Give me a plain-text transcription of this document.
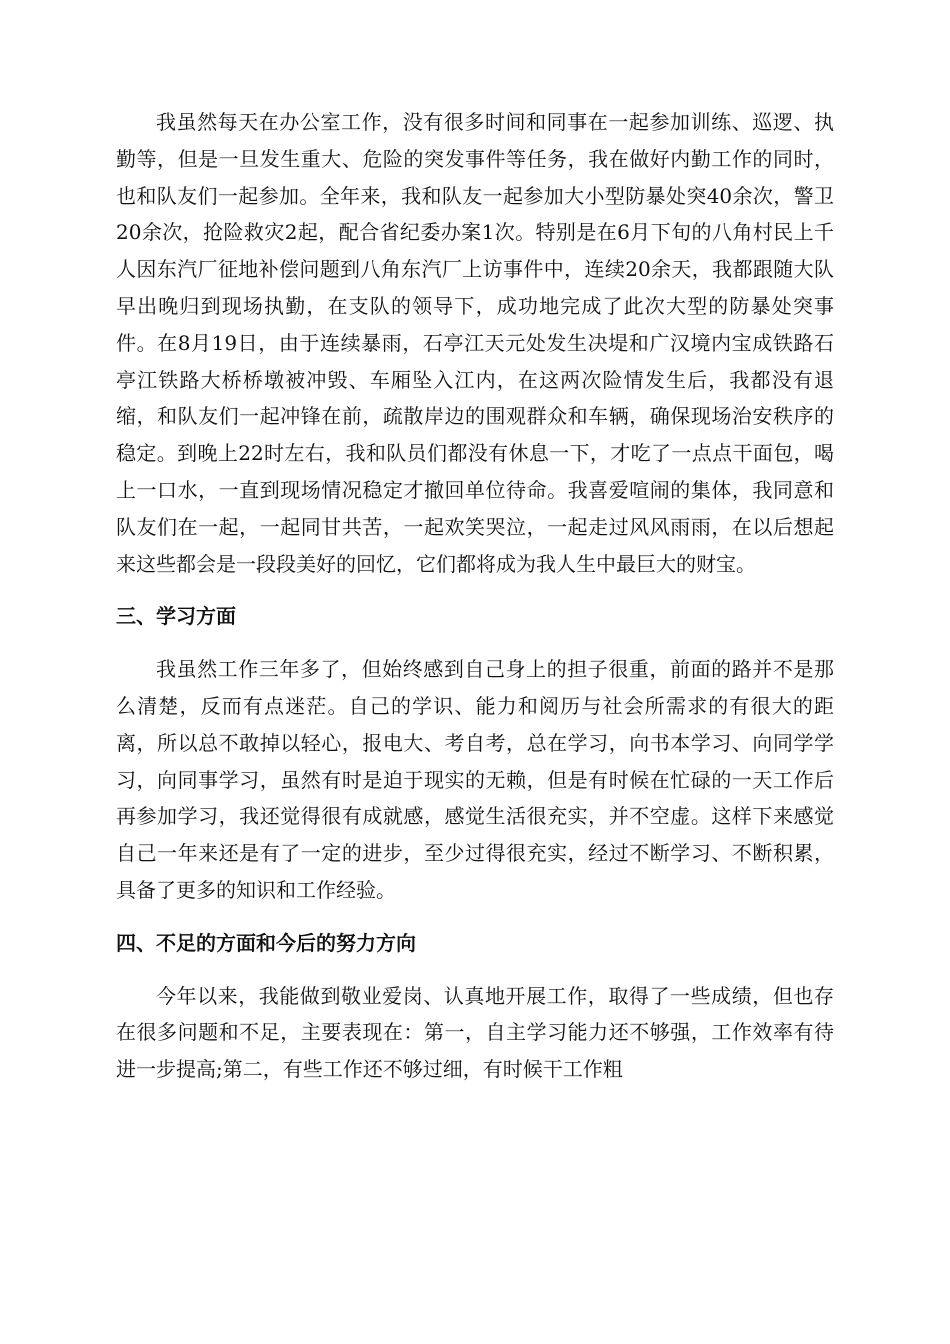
我虽然每天在办公室工作，没有很多时间和同事在一起参加训练、巡逻、执勤等，但是一旦发生重大、危险的突发事件等任务，我在做好内勤工作的同时，也和队友们一起参加。全年来，我和队友一起参加大小型防暴处突40余次，警卫20余次，抢险救灾2起，配合省纪委办案1次。特别是在6月下旬的八角村民上千人因东汽厂征地补偿问题到八角东汽厂上访事件中，连续20余天，我都跟随大队早出晚归到现场执勤，在支队的领导下，成功地完成了此次大型的防暴处突事件。在8月19日，由于连续暴雨，石亭江天元处发生决堤和广汉境内宝成铁路石亭江铁路大桥桥墩被冲毁、车厢坠入江内，在这两次险情发生后，我都没有退缩，和队友们一起冲锋在前，疏散岸边的围观群众和车辆，确保现场治安秩序的稳定。到晚上22时左右，我和队员们都没有休息一下，才吃了一点点干面包，喝上一口水，一直到现场情况稳定才撤回单位待命。我喜爱喧闹的集体，我同意和队友们在一起，一起同甘共苦，一起欢笑哭泣，一起走过风风雨雨，在以后想起来这些都会是一段段美好的回忆，它们都将成为我人生中最巨大的财宝。

三、学习方面

我虽然工作三年多了，但始终感到自己身上的担子很重，前面的路并不是那么清楚，反而有点迷茫。自己的学识、能力和阅历与社会所需求的有很大的距离，所以总不敢掉以轻心，报电大、考自考，总在学习，向书本学习、向同学学习，向同事学习，虽然有时是迫于现实的无赖，但是有时候在忙碌的一天工作后再参加学习，我还觉得很有成就感，感觉生活很充实，并不空虚。这样下来感觉自己一年来还是有了一定的进步，至少过得很充实，经过不断学习、不断积累，具备了更多的知识和工作经验。

四、不足的方面和今后的努力方向

今年以来，我能做到敬业爱岗、认真地开展工作，取得了一些成绩，但也存在很多问题和不足，主要表现在：第一，自主学习能力还不够强，工作效率有待进一步提高;第二，有些工作还不够过细，有时候干工作粗
